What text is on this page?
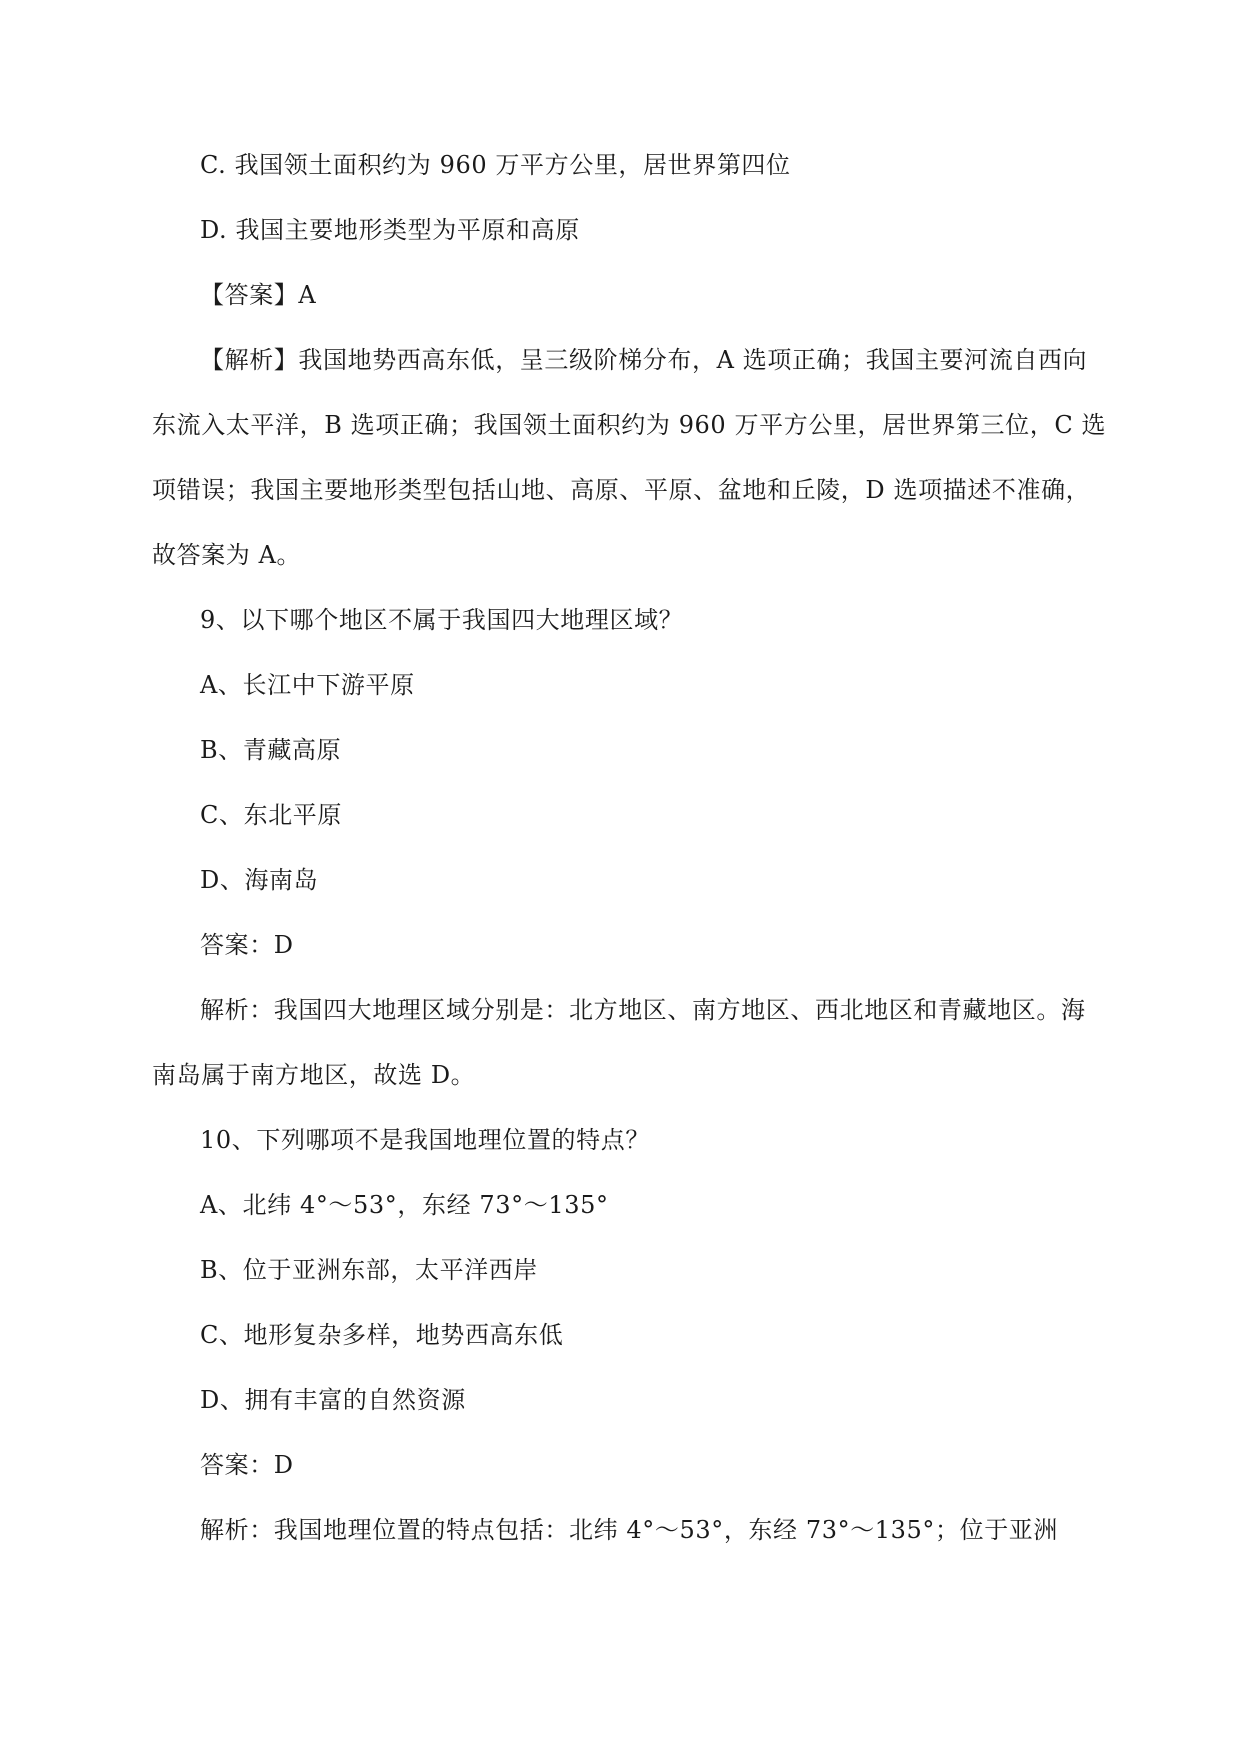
C. 我国领土面积约为 960 万平方公里，居世界第四位
D. 我国主要地形类型为平原和高原
【答案】A
【解析】我国地势西高东低，呈三级阶梯分布，A 选项正确；我国主要河流自西向
东流入太平洋，B 选项正确；我国领土面积约为 960 万平方公里，居世界第三位，C 选
项错误；我国主要地形类型包括山地、高原、平原、盆地和丘陵，D 选项描述不准确，
故答案为 A。
9、以下哪个地区不属于我国四大地理区域？
A、长江中下游平原
B、青藏高原
C、东北平原
D、海南岛
答案：D
解析：我国四大地理区域分别是：北方地区、南方地区、西北地区和青藏地区。海
南岛属于南方地区，故选 D。
10、下列哪项不是我国地理位置的特点？
A、北纬 4°～53°，东经 73°～135°
B、位于亚洲东部，太平洋西岸
C、地形复杂多样，地势西高东低
D、拥有丰富的自然资源
答案：D
解析：我国地理位置的特点包括：北纬 4°～53°，东经 73°～135°；位于亚洲
